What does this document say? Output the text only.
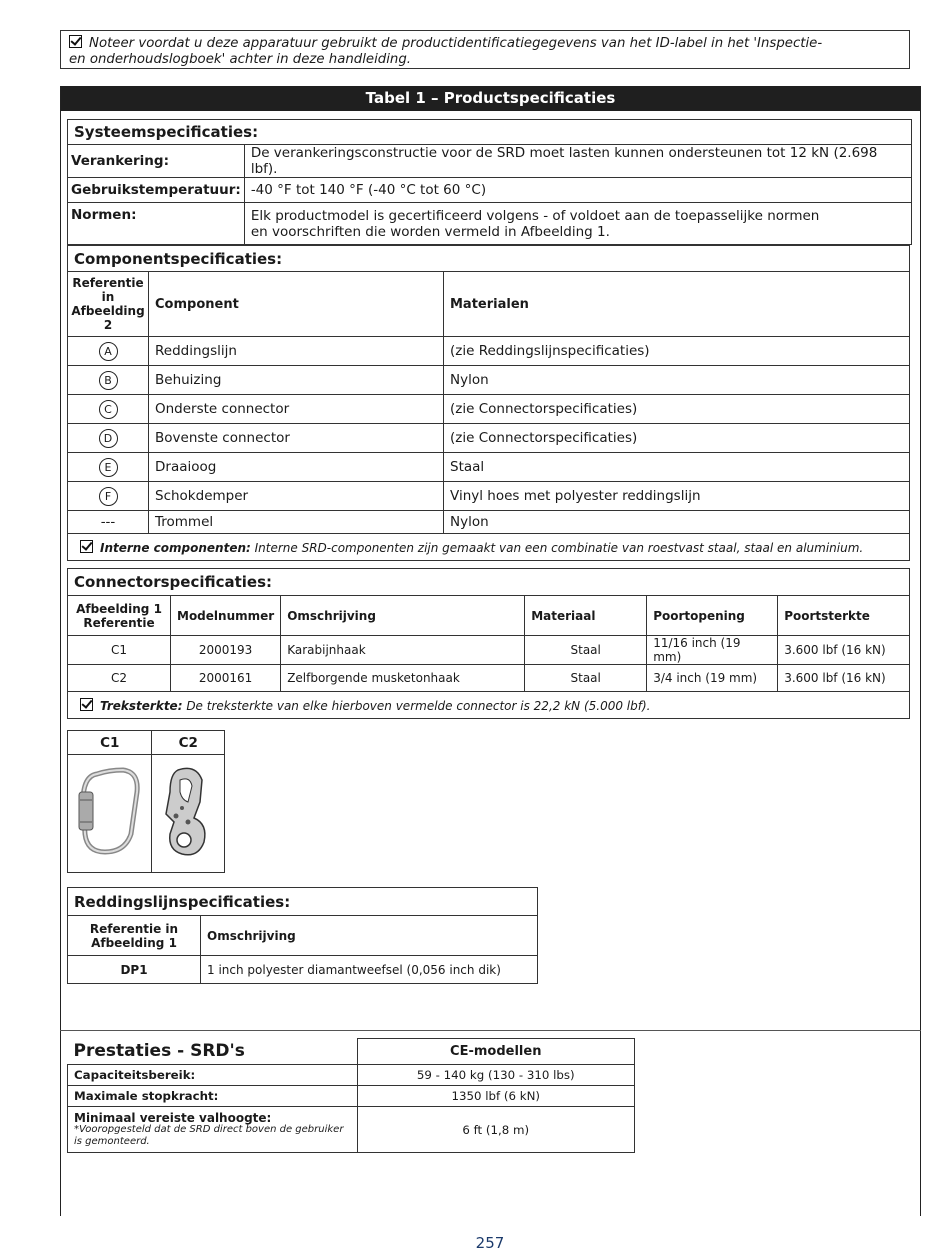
Noteer voordat u deze apparatuur gebruikt de productidentificatiegegevens van het ID-label in het 'Inspectie-
en onderhoudslogboek' achter in deze handleiding.
Tabel 1 – Productspecificaties
Systeemspecificaties:	
Verankering:	De verankeringsconstructie voor de SRD moet lasten kunnen ondersteunen tot 12 kN (2.698 lbf).
Gebruikstemperatuur:	-40 °F tot 140 °F (-40 °C tot 60 °C)
Normen:	Elk productmodel is gecertificeerd volgens - of voldoet aan de toepasselijke normen
en voorschriften die worden vermeld in Afbeelding 1.
Componentspecificaties:		
Referentie in Afbeelding 2	Component	Materialen
A	Reddingslijn	(zie Reddingslijnspecificaties)
B	Behuizing	Nylon
C	Onderste connector	(zie Connectorspecificaties)
D	Bovenste connector	(zie Connectorspecificaties)
E	Draaioog	Staal
F	Schokdemper	Vinyl hoes met polyester reddingslijn
---	Trommel	Nylon
Interne componenten: Interne SRD-componenten zijn gemaakt van een combinatie van roestvast staal, staal en aluminium.		
Connectorspecificaties:					

Afbeelding 1
Referentie	Modelnummer	Omschrijving	Materiaal	Poortopening	Poortsterkte
C1	2000193	Karabijnhaak	Staal	11/16 inch (19 mm)	3.600 lbf (16 kN)
C2	2000161	Zelfborgende musketonhaak	Staal	3/4 inch (19 mm)	3.600 lbf (16 kN)
Treksterkte: De treksterkte van elke hierboven vermelde connector is 22,2 kN (5.000 lbf).					
C1	C2

Reddingslijnspecificaties:	

Referentie in
Afbeelding 1	Omschrijving
DP1	1 inch polyester diamantweefsel (0,056 inch dik)
Prestaties - SRD's	CE-modellen
Capaciteitsbereik:	59 - 140 kg (130 - 310 lbs)
Maximale stopkracht:	1350 lbf (6 kN)

Minimaal vereiste valhoogte:
*Vooropgesteld dat de SRD direct boven de gebruiker is gemonteerd.	6 ft (1,8 m)
257
